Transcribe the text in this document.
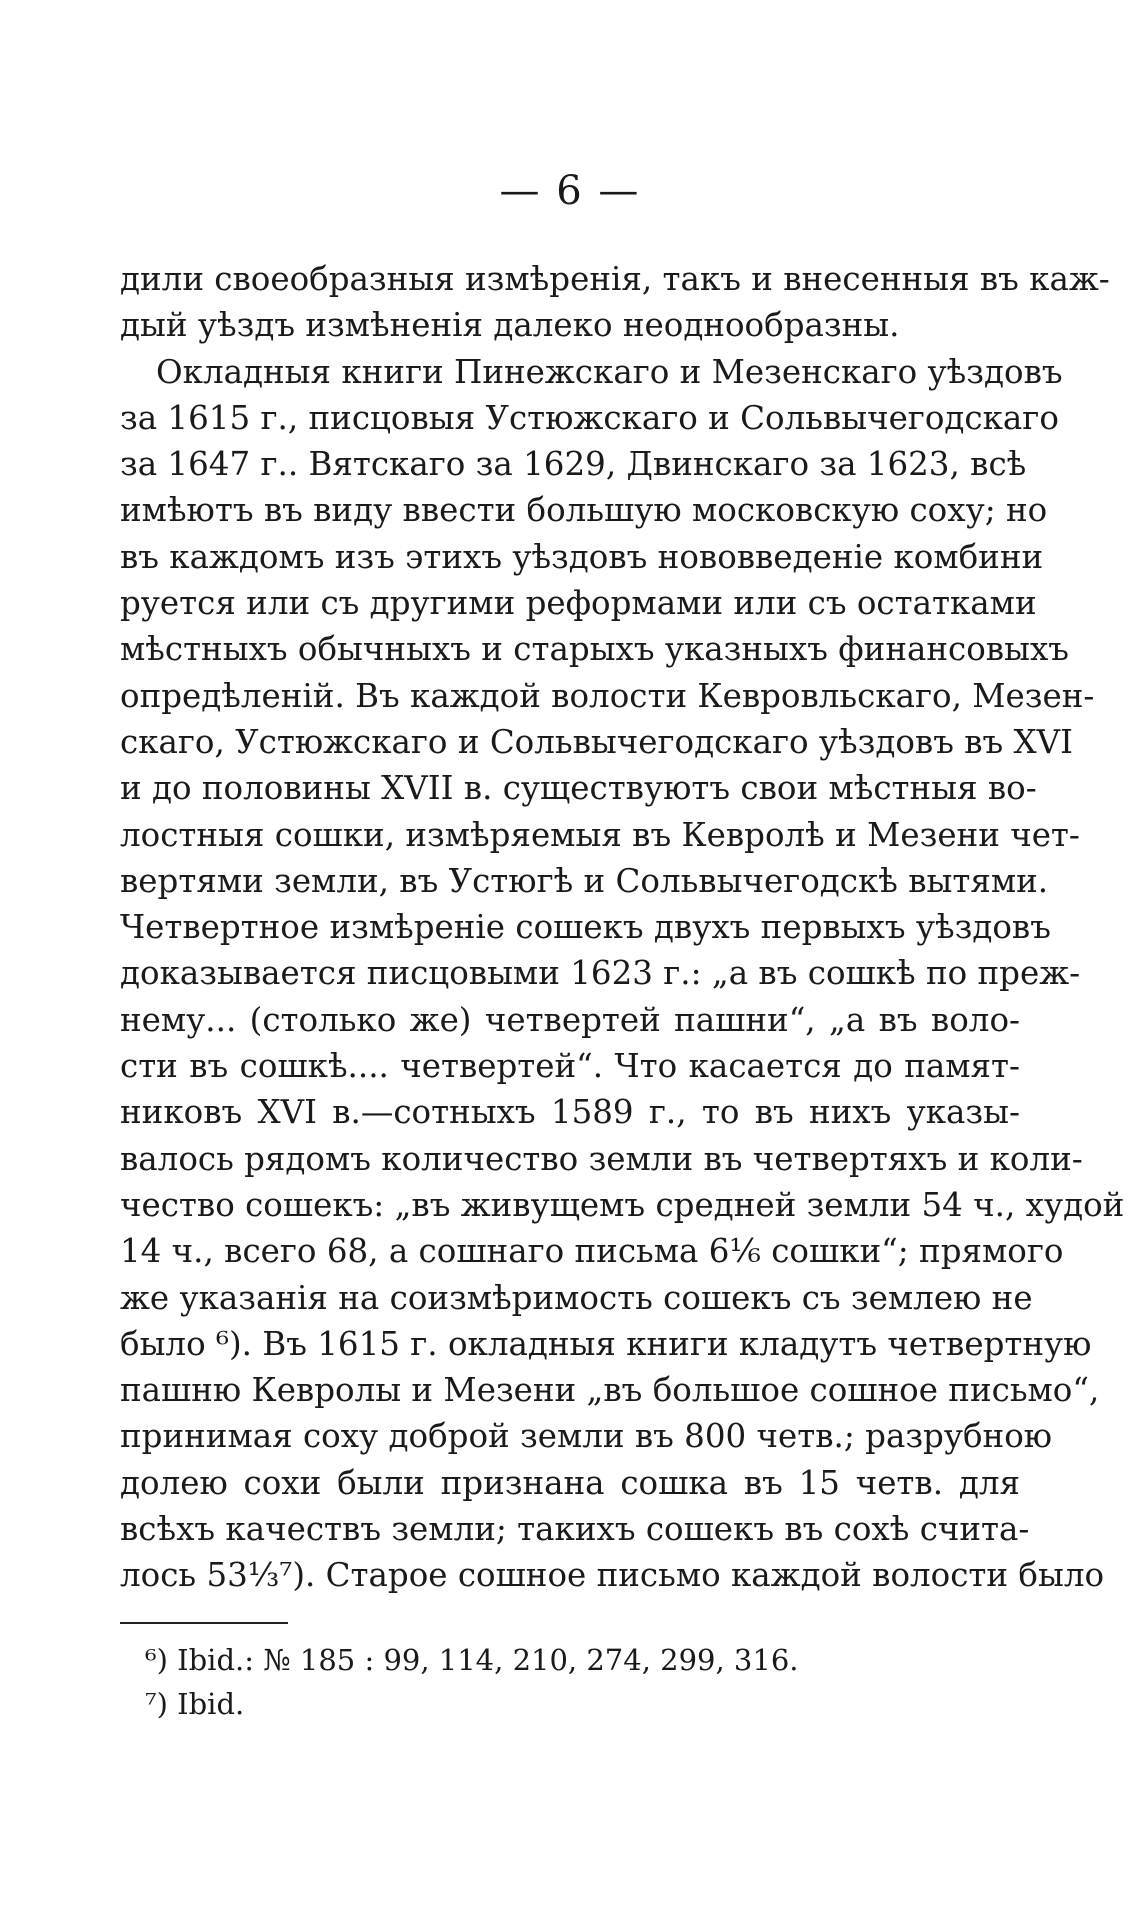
— 6 —
дили своеобразныя измѣренія, такъ и внесенныя въ каж-
дый уѣздъ измѣненія далеко неоднообразны.
Окладныя книги Пинежскаго и Мезенскаго уѣздовъ
за 1615 г., писцовыя Устюжскаго и Сольвычегодскаго
за 1647 г.. Вятскаго за 1629, Двинскаго за 1623, всѣ
имѣютъ въ виду ввести большую московскую соху; но
въ каждомъ изъ этихъ уѣздовъ нововведеніе комбини
руется или съ другими реформами или съ остатками
мѣстныхъ обычныхъ и старыхъ указныхъ финансовыхъ
опредѣленій. Въ каждой волости Кевровльскаго, Мезен-
скаго, Устюжскаго и Сольвычегодскаго уѣздовъ въ XVI
и до половины XVII в. существуютъ свои мѣстныя во-
лостныя сошки, измѣряемыя въ Кевролѣ и Мезени чет-
вертями земли, въ Устюгѣ и Сольвычегодскѣ вытями.
Четвертное измѣреніе сошекъ двухъ первыхъ уѣздовъ
доказывается писцовыми 1623 г.: „а въ сошкѣ по преж-
нему... (столько же) четвертей пашни“, „а въ воло-
сти въ сошкѣ.... четвертей“. Что касается до памят-
никовъ XVI в.—сотныхъ 1589 г., то въ нихъ указы-
валось рядомъ количество земли въ четвертяхъ и коли-
чество сошекъ: „въ живущемъ средней земли 54 ч., худой
14 ч., всего 68, а сошнаго письма 6⅙ сошки“; прямого
же указанія на соизмѣримость сошекъ съ землею не
было ⁶). Въ 1615 г. окладныя книги кладутъ четвертную
пашню Кевролы и Мезени „въ большое сошное письмо“,
принимая соху доброй земли въ 800 четв.; разрубною
долею сохи были признана сошка въ 15 четв. для
всѣхъ качествъ земли; такихъ сошекъ въ сохѣ счита-
лось 53⅓⁷). Старое сошное письмо каждой волости было
⁶) Ibid.: № 185 : 99, 114, 210, 274, 299, 316.
⁷) Ibid.
